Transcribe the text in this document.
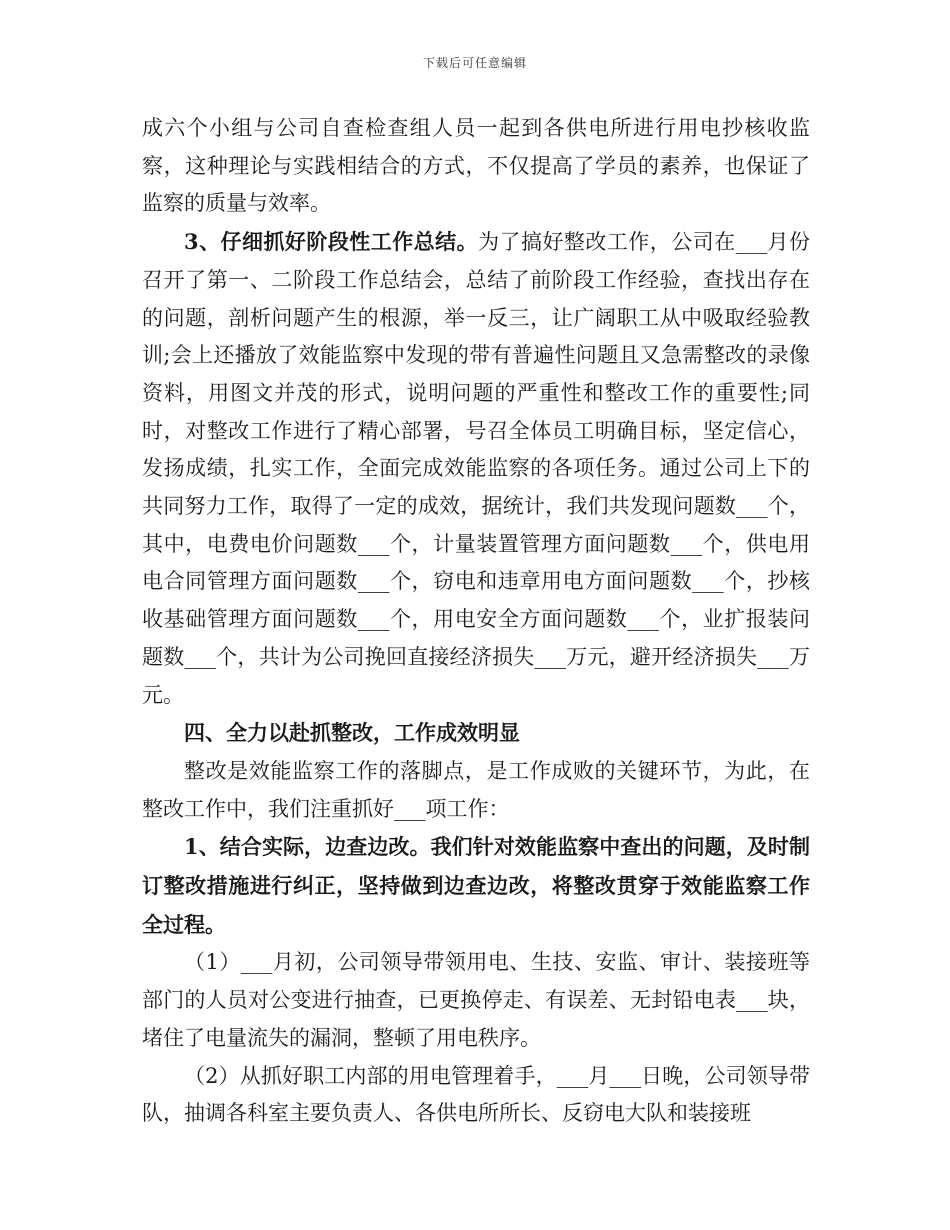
下载后可任意编辑

成六个小组与公司自查检查组人员一起到各供电所进行用电抄核收监察，这种理论与实践相结合的方式，不仅提高了学员的素养，也保证了监察的质量与效率。

3、仔细抓好阶段性工作总结。为了搞好整改工作，公司在___月份召开了第一、二阶段工作总结会，总结了前阶段工作经验，查找出存在的问题，剖析问题产生的根源，举一反三，让广阔职工从中吸取经验教训;会上还播放了效能监察中发现的带有普遍性问题且又急需整改的录像资料，用图文并茂的形式，说明问题的严重性和整改工作的重要性;同时，对整改工作进行了精心部署，号召全体员工明确目标，坚定信心，发扬成绩，扎实工作，全面完成效能监察的各项任务。通过公司上下的共同努力工作，取得了一定的成效，据统计，我们共发现问题数___个，其中，电费电价问题数___个，计量装置管理方面问题数___个，供电用电合同管理方面问题数___个，窃电和违章用电方面问题数___个，抄核收基础管理方面问题数___个，用电安全方面问题数___个，业扩报装问题数___个，共计为公司挽回直接经济损失___万元，避开经济损失___万元。

四、全力以赴抓整改，工作成效明显

整改是效能监察工作的落脚点，是工作成败的关键环节，为此，在整改工作中，我们注重抓好___项工作：

1、结合实际，边查边改。我们针对效能监察中查出的问题，及时制订整改措施进行纠正，坚持做到边查边改，将整改贯穿于效能监察工作全过程。

（1）___月初，公司领导带领用电、生技、安监、审计、装接班等部门的人员对公变进行抽查，已更换停走、有误差、无封铅电表___块，堵住了电量流失的漏洞，整顿了用电秩序。

（2）从抓好职工内部的用电管理着手，___月___日晚，公司领导带队，抽调各科室主要负责人、各供电所所长、反窃电大队和装接班
